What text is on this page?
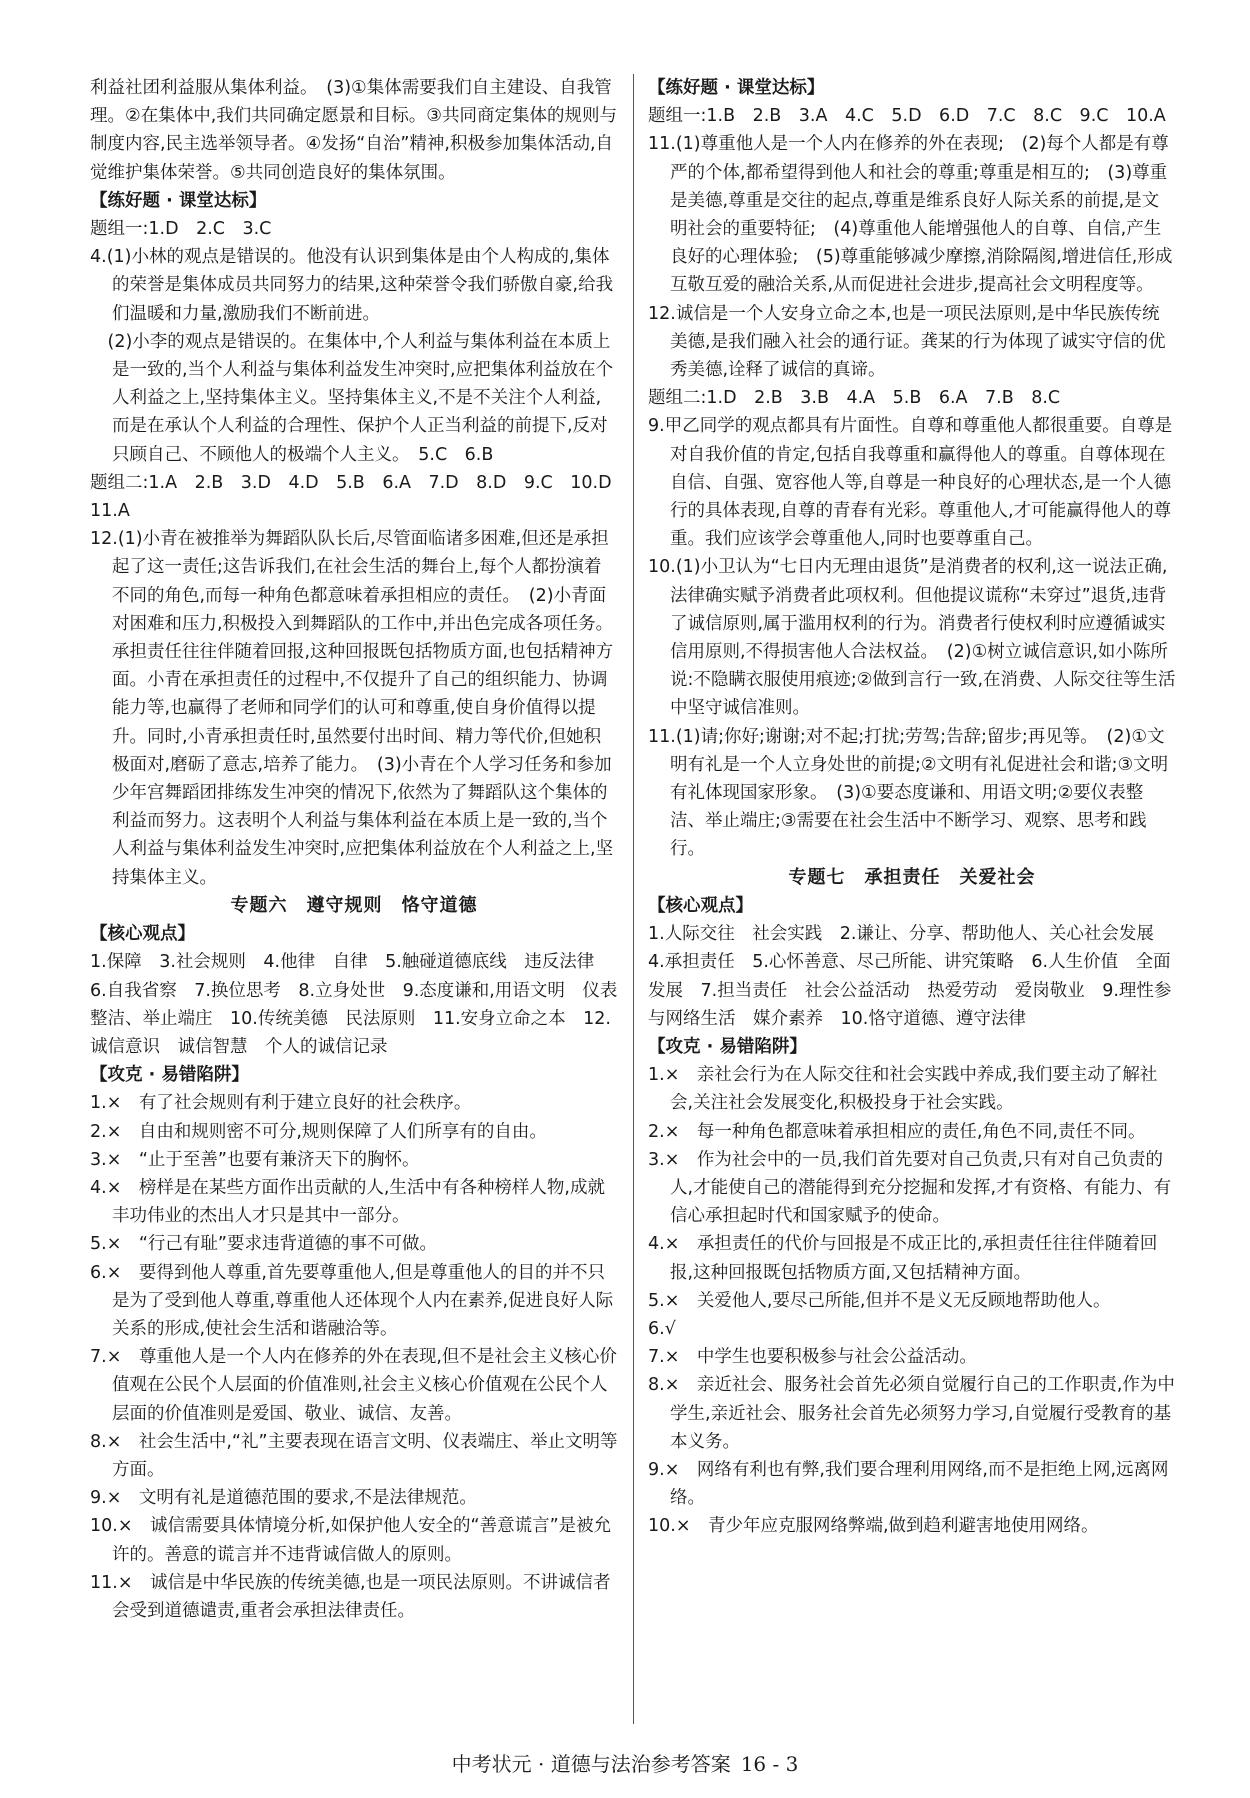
利益社团利益服从集体利益。　(3)①集体需要我们自主建设、自我管理。②在集体中,我们共同确定愿景和目标。③共同商定集体的规则与制度内容,民主选举领导者。④发扬“自治”精神,积极参加集体活动,自觉维护集体荣誉。⑤共同创造良好的集体氛围。
【练好题 · 课堂达标】
题组一:1.D　2.C　3.C
4.(1)小林的观点是错误的。他没有认识到集体是由个人构成的,集体的荣誉是集体成员共同努力的结果,这种荣誉令我们骄傲自豪,给我们温暖和力量,激励我们不断前进。
　(2)小李的观点是错误的。在集体中,个人利益与集体利益在本质上是一致的,当个人利益与集体利益发生冲突时,应把集体利益放在个人利益之上,坚持集体主义。坚持集体主义,不是不关注个人利益,而是在承认个人利益的合理性、保护个人正当利益的前提下,反对只顾自己、不顾他人的极端个人主义。　5.C　6.B
题组二:1.A　2.B　3.D　4.D　5.B　6.A　7.D　8.D　9.C　10.D　11.A
12.(1)小青在被推举为舞蹈队队长后,尽管面临诸多困难,但还是承担起了这一责任;这告诉我们,在社会生活的舞台上,每个人都扮演着不同的角色,而每一种角色都意味着承担相应的责任。　(2)小青面对困难和压力,积极投入到舞蹈队的工作中,并出色完成各项任务。承担责任往往伴随着回报,这种回报既包括物质方面,也包括精神方面。小青在承担责任的过程中,不仅提升了自己的组织能力、协调能力等,也赢得了老师和同学们的认可和尊重,使自身价值得以提升。同时,小青承担责任时,虽然要付出时间、精力等代价,但她积极面对,磨砺了意志,培养了能力。　(3)小青在个人学习任务和参加少年宫舞蹈团排练发生冲突的情况下,依然为了舞蹈队这个集体的利益而努力。这表明个人利益与集体利益在本质上是一致的,当个人利益与集体利益发生冲突时,应把集体利益放在个人利益之上,坚持集体主义。
专题六　遵守规则　恪守道德
【核心观点】
1.保障　3.社会规则　4.他律　自律　5.触碰道德底线　违反法律　6.自我省察　7.换位思考　8.立身处世　9.态度谦和,用语文明　仪表整洁、举止端庄　10.传统美德　民法原则　11.安身立命之本　12.诚信意识　诚信智慧　个人的诚信记录
【攻克 · 易错陷阱】
1.×　有了社会规则有利于建立良好的社会秩序。
2.×　自由和规则密不可分,规则保障了人们所享有的自由。
3.×　“止于至善”也要有兼济天下的胸怀。
4.×　榜样是在某些方面作出贡献的人,生活中有各种榜样人物,成就丰功伟业的杰出人才只是其中一部分。
5.×　“行己有耻”要求违背道德的事不可做。
6.×　要得到他人尊重,首先要尊重他人,但是尊重他人的目的并不只是为了受到他人尊重,尊重他人还体现个人内在素养,促进良好人际关系的形成,使社会生活和谐融洽等。
7.×　尊重他人是一个人内在修养的外在表现,但不是社会主义核心价值观在公民个人层面的价值准则,社会主义核心价值观在公民个人层面的价值准则是爱国、敬业、诚信、友善。
8.×　社会生活中,“礼”主要表现在语言文明、仪表端庄、举止文明等方面。
9.×　文明有礼是道德范围的要求,不是法律规范。
10.×　诚信需要具体情境分析,如保护他人安全的“善意谎言”是被允许的。善意的谎言并不违背诚信做人的原则。
11.×　诚信是中华民族的传统美德,也是一项民法原则。不讲诚信者会受到道德谴责,重者会承担法律责任。
【练好题 · 课堂达标】
题组一:1.B　2.B　3.A　4.C　5.D　6.D　7.C　8.C　9.C　10.A
11.(1)尊重他人是一个人内在修养的外在表现;　(2)每个人都是有尊严的个体,都希望得到他人和社会的尊重;尊重是相互的;　(3)尊重是美德,尊重是交往的起点,尊重是维系良好人际关系的前提,是文明社会的重要特征;　(4)尊重他人能增强他人的自尊、自信,产生良好的心理体验;　(5)尊重能够减少摩擦,消除隔阂,增进信任,形成互敬互爱的融洽关系,从而促进社会进步,提高社会文明程度等。
12.诚信是一个人安身立命之本,也是一项民法原则,是中华民族传统美德,是我们融入社会的通行证。龚某的行为体现了诚实守信的优秀美德,诠释了诚信的真谛。
题组二:1.D　2.B　3.B　4.A　5.B　6.A　7.B　8.C
9.甲乙同学的观点都具有片面性。自尊和尊重他人都很重要。自尊是对自我价值的肯定,包括自我尊重和赢得他人的尊重。自尊体现在自信、自强、宽容他人等,自尊是一种良好的心理状态,是一个人德行的具体表现,自尊的青春有光彩。尊重他人,才可能赢得他人的尊重。我们应该学会尊重他人,同时也要尊重自己。
10.(1)小卫认为“七日内无理由退货”是消费者的权利,这一说法正确,法律确实赋予消费者此项权利。但他提议谎称“未穿过”退货,违背了诚信原则,属于滥用权利的行为。消费者行使权利时应遵循诚实信用原则,不得损害他人合法权益。　(2)①树立诚信意识,如小陈所说:不隐瞒衣服使用痕迹;②做到言行一致,在消费、人际交往等生活中坚守诚信准则。
11.(1)请;你好;谢谢;对不起;打扰;劳驾;告辞;留步;再见等。　(2)①文明有礼是一个人立身处世的前提;②文明有礼促进社会和谐;③文明有礼体现国家形象。　(3)①要态度谦和、用语文明;②要仪表整洁、举止端庄;③需要在社会生活中不断学习、观察、思考和践行。
专题七　承担责任　关爱社会
【核心观点】
1.人际交往　社会实践　2.谦让、分享、帮助他人、关心社会发展　4.承担责任　5.心怀善意、尽己所能、讲究策略　6.人生价值　全面发展　7.担当责任　社会公益活动　热爱劳动　爱岗敬业　9.理性参与网络生活　媒介素养　10.恪守道德、遵守法律
【攻克 · 易错陷阱】
1.×　亲社会行为在人际交往和社会实践中养成,我们要主动了解社会,关注社会发展变化,积极投身于社会实践。
2.×　每一种角色都意味着承担相应的责任,角色不同,责任不同。
3.×　作为社会中的一员,我们首先要对自己负责,只有对自己负责的人,才能使自己的潜能得到充分挖掘和发挥,才有资格、有能力、有信心承担起时代和国家赋予的使命。
4.×　承担责任的代价与回报是不成正比的,承担责任往往伴随着回报,这种回报既包括物质方面,又包括精神方面。
5.×　关爱他人,要尽己所能,但并不是义无反顾地帮助他人。
6.√
7.×　中学生也要积极参与社会公益活动。
8.×　亲近社会、服务社会首先必须自觉履行自己的工作职责,作为中学生,亲近社会、服务社会首先必须努力学习,自觉履行受教育的基本义务。
9.×　网络有利也有弊,我们要合理利用网络,而不是拒绝上网,远离网络。
10.×　青少年应克服网络弊端,做到趋利避害地使用网络。
中考状元 · 道德与法治参考答案 16 - 3
